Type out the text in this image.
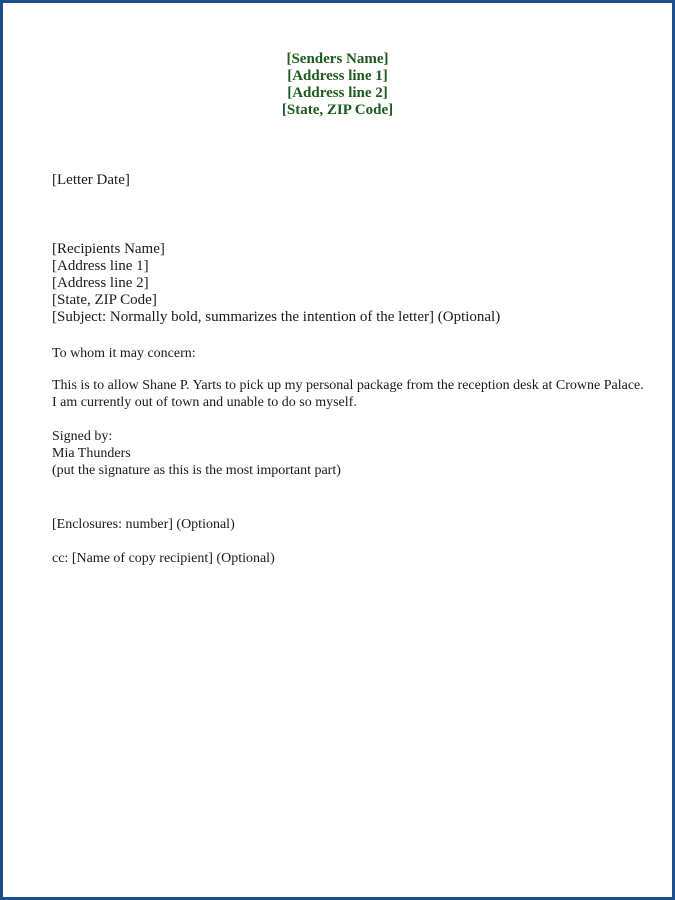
[Senders Name]
[Address line 1]
[Address line 2]
[State, ZIP Code]
[Letter Date]
[Recipients Name]
[Address line 1]
[Address line 2]
[State, ZIP Code]
[Subject: Normally bold, summarizes the intention of the letter] (Optional)
To whom it may concern:
This is to allow Shane P. Yarts to pick up my personal package from the reception desk at Crowne Palace.
I am currently out of town and unable to do so myself.
Signed by:
Mia Thunders
(put the signature as this is the most important part)
[Enclosures: number] (Optional)
cc: [Name of copy recipient] (Optional)
